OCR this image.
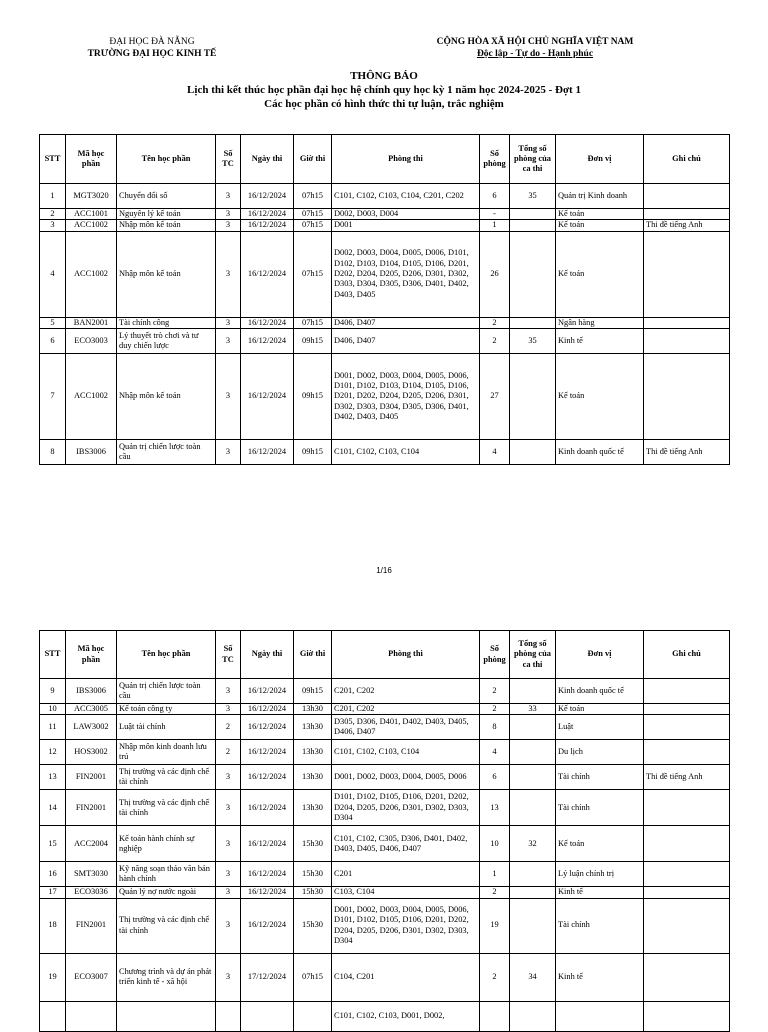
ĐẠI HỌC ĐÀ NẴNG
TRƯỜNG ĐẠI HỌC KINH TẾ
CỘNG HÒA XÃ HỘI CHỦ NGHĨA VIỆT NAM
Độc lập - Tự do - Hạnh phúc
THÔNG BÁO
Lịch thi kết thúc học phần đại học hệ chính quy học kỳ 1 năm học 2024-2025 - Đợt 1
Các học phần có hình thức thi tự luận, trắc nghiệm
STT	Mã học phần	Tên học phần	Số TC	Ngày thi	Giờ thi	Phòng thi	Số phòng	Tổng số phòng của ca thi	Đơn vị	Ghi chú
1	MGT3020	Chuyển đổi số	3	16/12/2024	07h15	C101, C102, C103, C104, C201, C202	6	35	Quản trị Kinh doanh	
2	ACC1001	Nguyên lý kế toán	3	16/12/2024	07h15	D002, D003, D004	-		Kế toán	
3	ACC1002	Nhập môn kế toán	3	16/12/2024	07h15	D001	1		Kế toán	Thi đề tiếng Anh
4	ACC1002	Nhập môn kế toán	3	16/12/2024	07h15	D002, D003, D004, D005, D006, D101, D102, D103, D104, D105, D106, D201, D202, D204, D205, D206, D301, D302, D303, D304, D305, D306, D401, D402, D403, D405	26		Kế toán	
5	BAN2001	Tài chính công	3	16/12/2024	07h15	D406, D407	2		Ngân hàng	
6	ECO3003	Lý thuyết trò chơi và tư duy chiến lược	3	16/12/2024	09h15	D406, D407	2	35	Kinh tế	
7	ACC1002	Nhập môn kế toán	3	16/12/2024	09h15	D001, D002, D003, D004, D005, D006, D101, D102, D103, D104, D105, D106, D201, D202, D204, D205, D206, D301, D302, D303, D304, D305, D306, D401, D402, D403, D405	27		Kế toán	
8	IBS3006	Quản trị chiến lược toàn cầu	3	16/12/2024	09h15	C101, C102, C103, C104	4		Kinh doanh quốc tế	Thi đề tiếng Anh
1/16
STT	Mã học phần	Tên học phần	Số TC	Ngày thi	Giờ thi	Phòng thi	Số phòng	Tổng số phòng của ca thi	Đơn vị	Ghi chú
9	IBS3006	Quản trị chiến lược toàn cầu	3	16/12/2024	09h15	C201, C202	2		Kinh doanh quốc tế	
10	ACC3005	Kế toán công ty	3	16/12/2024	13h30	C201, C202	2	33	Kế toán	
11	LAW3002	Luật tài chính	2	16/12/2024	13h30	D305, D306, D401, D402, D403, D405, D406, D407	8		Luật	
12	HOS3002	Nhập môn kinh doanh lưu trú	2	16/12/2024	13h30	C101, C102, C103, C104	4		Du lịch	
13	FIN2001	Thị trường và các định chế tài chính	3	16/12/2024	13h30	D001, D002, D003, D004, D005, D006	6		Tài chính	Thi đề tiếng Anh
14	FIN2001	Thị trường và các định chế tài chính	3	16/12/2024	13h30	D101, D102, D105, D106, D201, D202, D204, D205, D206, D301, D302, D303, D304	13		Tài chính	
15	ACC2004	Kế toán hành chính sự nghiệp	3	16/12/2024	15h30	C101, C102, C305, D306, D401, D402, D403, D405, D406, D407	10	32	Kế toán	
16	SMT3030	Kỹ năng soạn thảo văn bản hành chính	3	16/12/2024	15h30	C201	1		Lý luận chính trị	
17	ECO3036	Quản lý nợ nước ngoài	3	16/12/2024	15h30	C103, C104	2		Kinh tế	
18	FIN2001	Thị trường và các định chế tài chính	3	16/12/2024	15h30	D001, D002, D003, D004, D005, D006, D101, D102, D105, D106, D201, D202, D204, D205, D206, D301, D302, D303, D304	19		Tài chính	
19	ECO3007	Chương trình và dự án phát triển kinh tế - xã hội	3	17/12/2024	07h15	C104, C201	2	34	Kinh tế	
						C101, C102, C103, D001, D002,				
